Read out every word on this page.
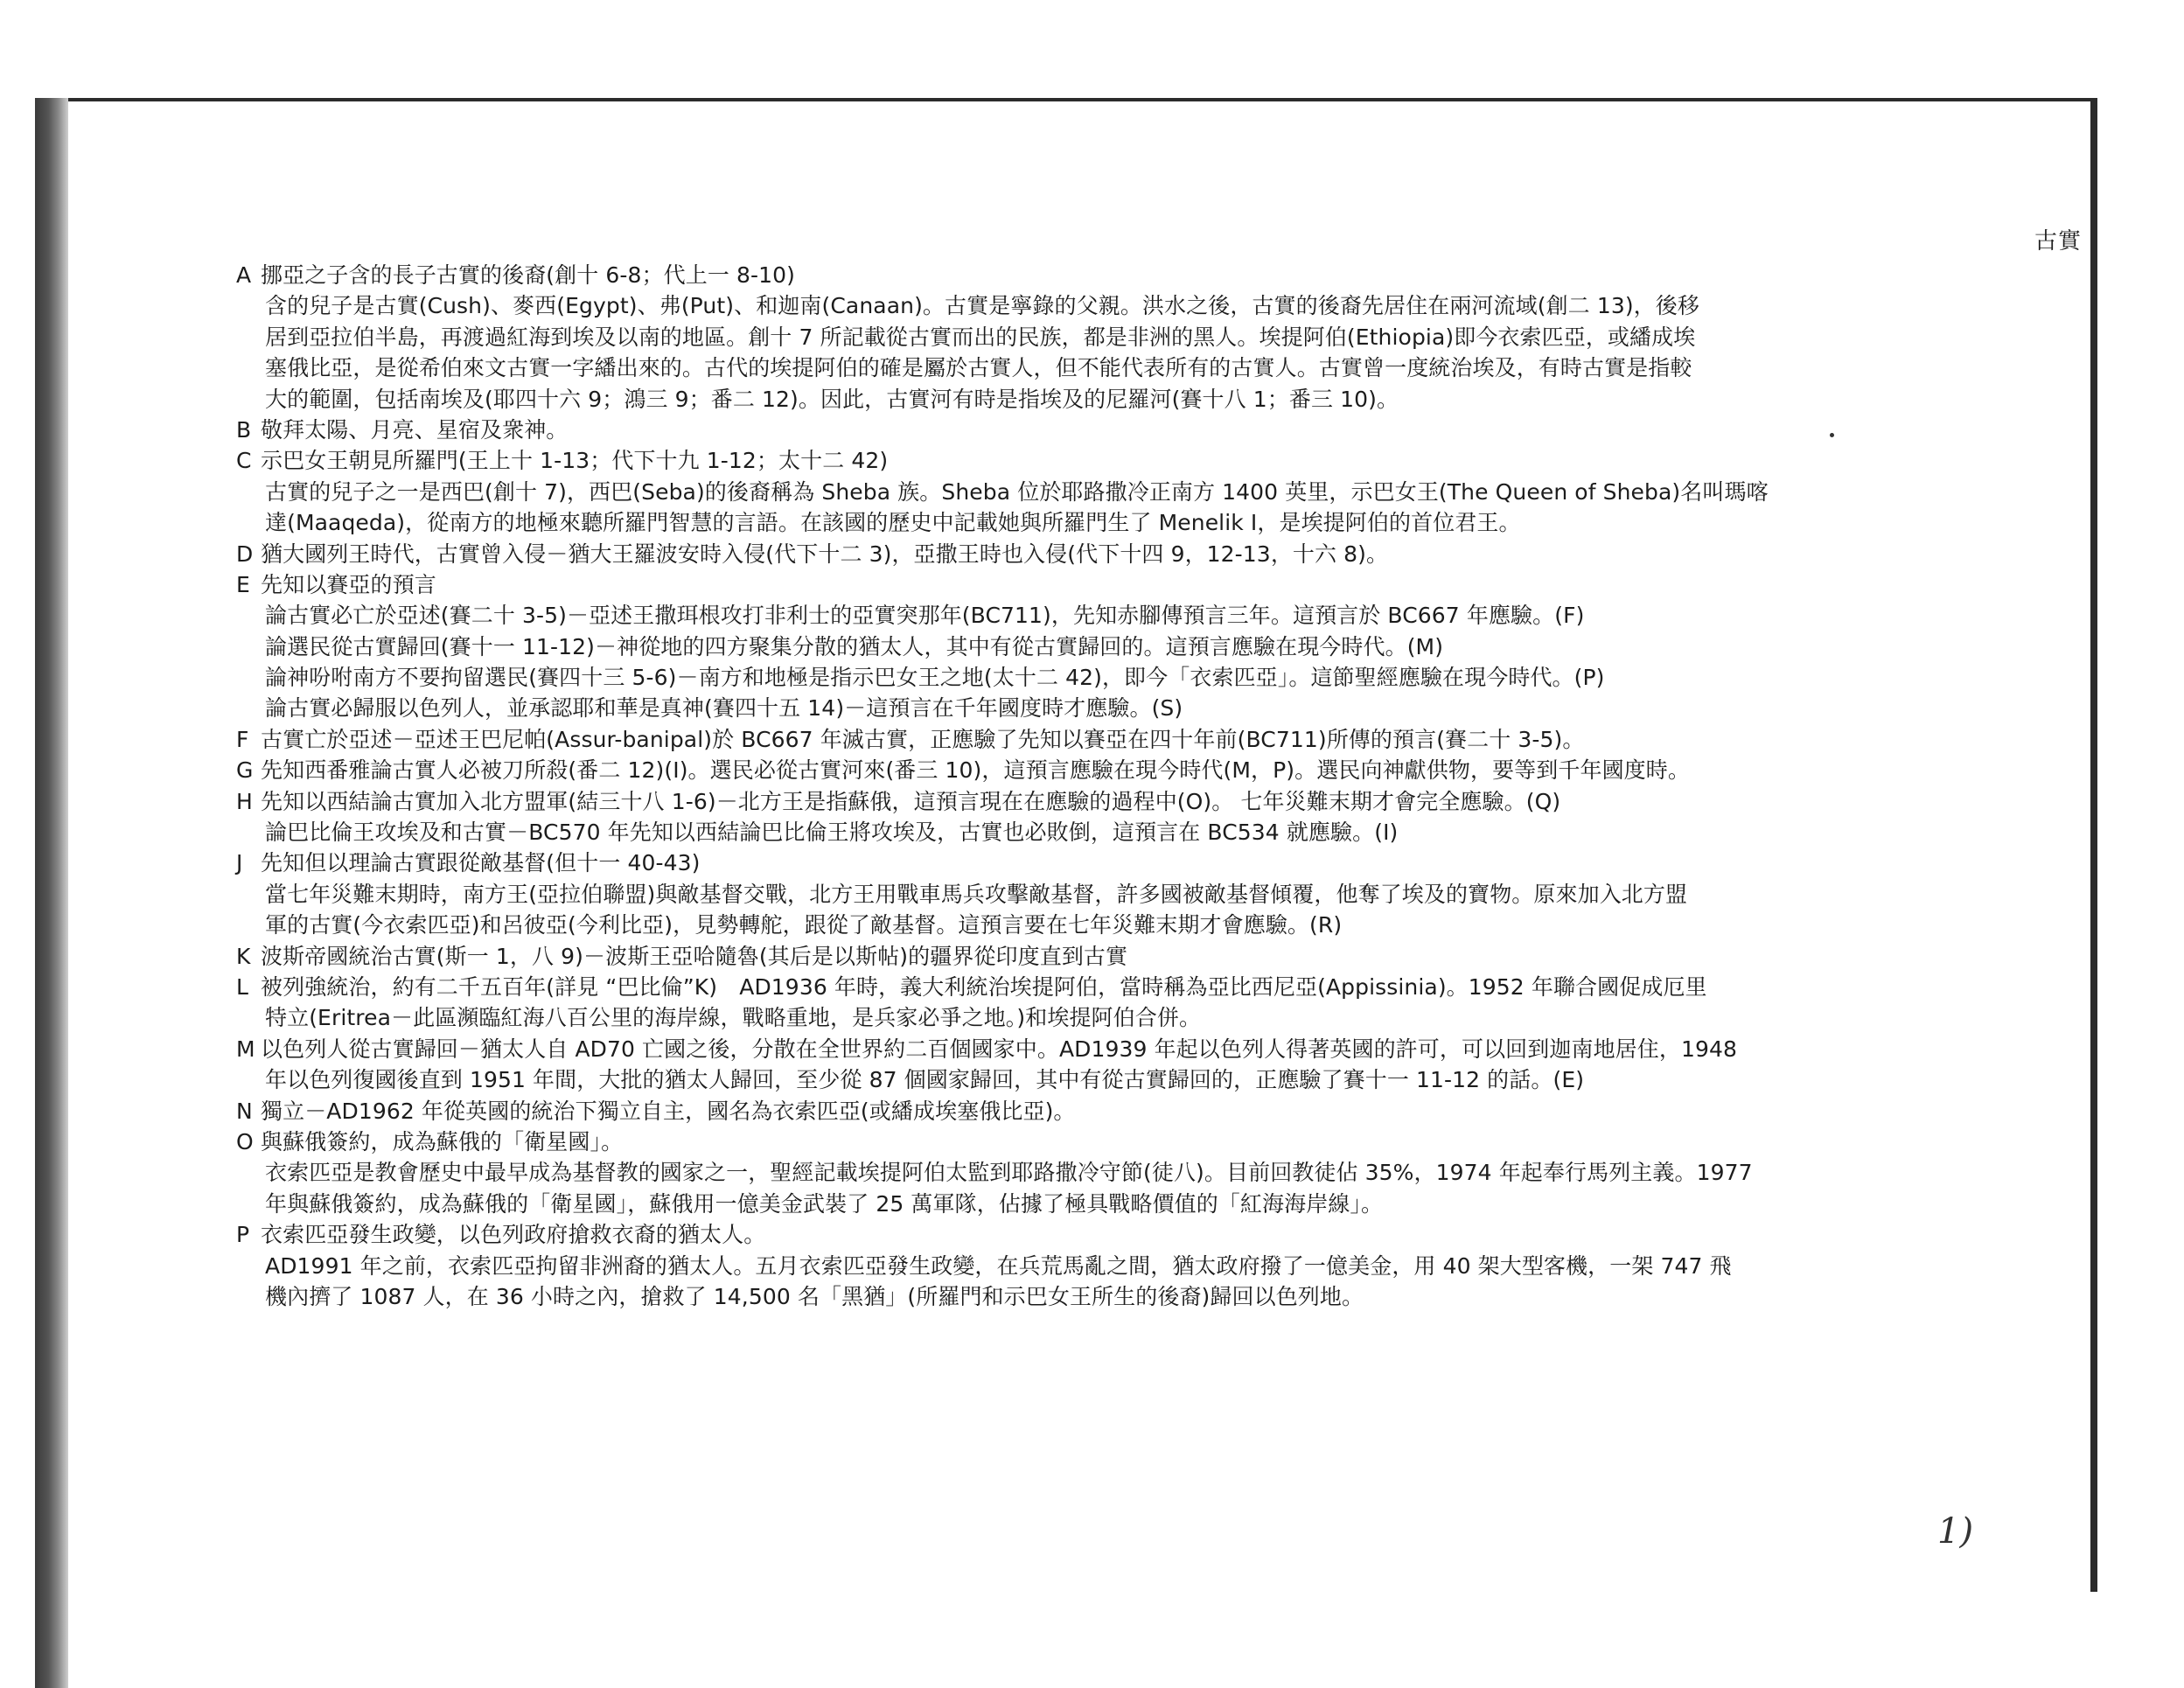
古實
A 挪亞之子含的長子古實的後裔(創十 6-8；代上一 8-10)
含的兒子是古實(Cush)、麥西(Egypt)、弗(Put)、和迦南(Canaan)。古實是寧錄的父親。洪水之後，古實的後裔先居住在兩河流域(創二 13)，後移
居到亞拉伯半島，再渡過紅海到埃及以南的地區。創十 7 所記載從古實而出的民族，都是非洲的黑人。埃提阿伯(Ethiopia)即今衣索匹亞，或繙成埃
塞俄比亞，是從希伯來文古實一字繙出來的。古代的埃提阿伯的確是屬於古實人，但不能代表所有的古實人。古實曾一度統治埃及，有時古實是指較
大的範圍，包括南埃及(耶四十六 9；鴻三 9；番二 12)。因此，古實河有時是指埃及的尼羅河(賽十八 1；番三 10)。
B 敬拜太陽、月亮、星宿及衆神。
C 示巴女王朝見所羅門(王上十 1-13；代下十九 1-12；太十二 42)
古實的兒子之一是西巴(創十 7)，西巴(Seba)的後裔稱為 Sheba 族。Sheba 位於耶路撒冷正南方 1400 英里，示巴女王(The Queen of Sheba)名叫瑪喀
達(Maaqeda)，從南方的地極來聽所羅門智慧的言語。在該國的歷史中記載她與所羅門生了 Menelik I，是埃提阿伯的首位君王。
D 猶大國列王時代，古實曾入侵－猶大王羅波安時入侵(代下十二 3)，亞撒王時也入侵(代下十四 9，12-13，十六 8)。
E 先知以賽亞的預言
論古實必亡於亞述(賽二十 3-5)－亞述王撒珥根攻打非利士的亞實突那年(BC711)，先知赤腳傳預言三年。這預言於 BC667 年應驗。(F)
論選民從古實歸回(賽十一 11-12)－神從地的四方聚集分散的猶太人，其中有從古實歸回的。這預言應驗在現今時代。(M)
論神吩咐南方不要拘留選民(賽四十三 5-6)－南方和地極是指示巴女王之地(太十二 42)，即今「衣索匹亞」。這節聖經應驗在現今時代。(P)
論古實必歸服以色列人，並承認耶和華是真神(賽四十五 14)－這預言在千年國度時才應驗。(S)
F 古實亡於亞述－亞述王巴尼帕(Assur-banipal)於 BC667 年滅古實，正應驗了先知以賽亞在四十年前(BC711)所傳的預言(賽二十 3-5)。
G 先知西番雅論古實人必被刀所殺(番二 12)(I)。選民必從古實河來(番三 10)，這預言應驗在現今時代(M，P)。選民向神獻供物，要等到千年國度時。
H 先知以西結論古實加入北方盟軍(結三十八 1-6)－北方王是指蘇俄，這預言現在在應驗的過程中(O)。 七年災難末期才會完全應驗。(Q)
論巴比倫王攻埃及和古實－BC570 年先知以西結論巴比倫王將攻埃及，古實也必敗倒，這預言在 BC534 就應驗。(I)
J 先知但以理論古實跟從敵基督(但十一 40-43)
當七年災難末期時，南方王(亞拉伯聯盟)與敵基督交戰，北方王用戰車馬兵攻擊敵基督，許多國被敵基督傾覆，他奪了埃及的寶物。原來加入北方盟
軍的古實(今衣索匹亞)和呂彼亞(今利比亞)，見勢轉舵，跟從了敵基督。這預言要在七年災難末期才會應驗。(R)
K 波斯帝國統治古實(斯一 1，八 9)－波斯王亞哈隨魯(其后是以斯帖)的疆界從印度直到古實
L 被列強統治，約有二千五百年(詳見 “巴比倫”K)　AD1936 年時，義大利統治埃提阿伯，當時稱為亞比西尼亞(Appissinia)。1952 年聯合國促成厄里
特立(Eritrea－此區瀕臨紅海八百公里的海岸線，戰略重地，是兵家必爭之地。)和埃提阿伯合併。
M 以色列人從古實歸回－猶太人自 AD70 亡國之後，分散在全世界約二百個國家中。AD1939 年起以色列人得著英國的許可，可以回到迦南地居住，1948
年以色列復國後直到 1951 年間，大批的猶太人歸回，至少從 87 個國家歸回，其中有從古實歸回的，正應驗了賽十一 11-12 的話。(E)
N 獨立－AD1962 年從英國的統治下獨立自主，國名為衣索匹亞(或繙成埃塞俄比亞)。
O 與蘇俄簽約，成為蘇俄的「衛星國」。
衣索匹亞是教會歷史中最早成為基督教的國家之一，聖經記載埃提阿伯太監到耶路撒冷守節(徒八)。目前回教徒佔 35%，1974 年起奉行馬列主義。1977
年與蘇俄簽約，成為蘇俄的「衛星國」，蘇俄用一億美金武裝了 25 萬軍隊，佔據了極具戰略價值的「紅海海岸線」。
P 衣索匹亞發生政變，以色列政府搶救衣裔的猶太人。
AD1991 年之前，衣索匹亞拘留非洲裔的猶太人。五月衣索匹亞發生政變，在兵荒馬亂之間，猶太政府撥了一億美金，用 40 架大型客機，一架 747 飛
機內擠了 1087 人，在 36 小時之內，搶救了 14,500 名「黑猶」(所羅門和示巴女王所生的後裔)歸回以色列地。
1)
